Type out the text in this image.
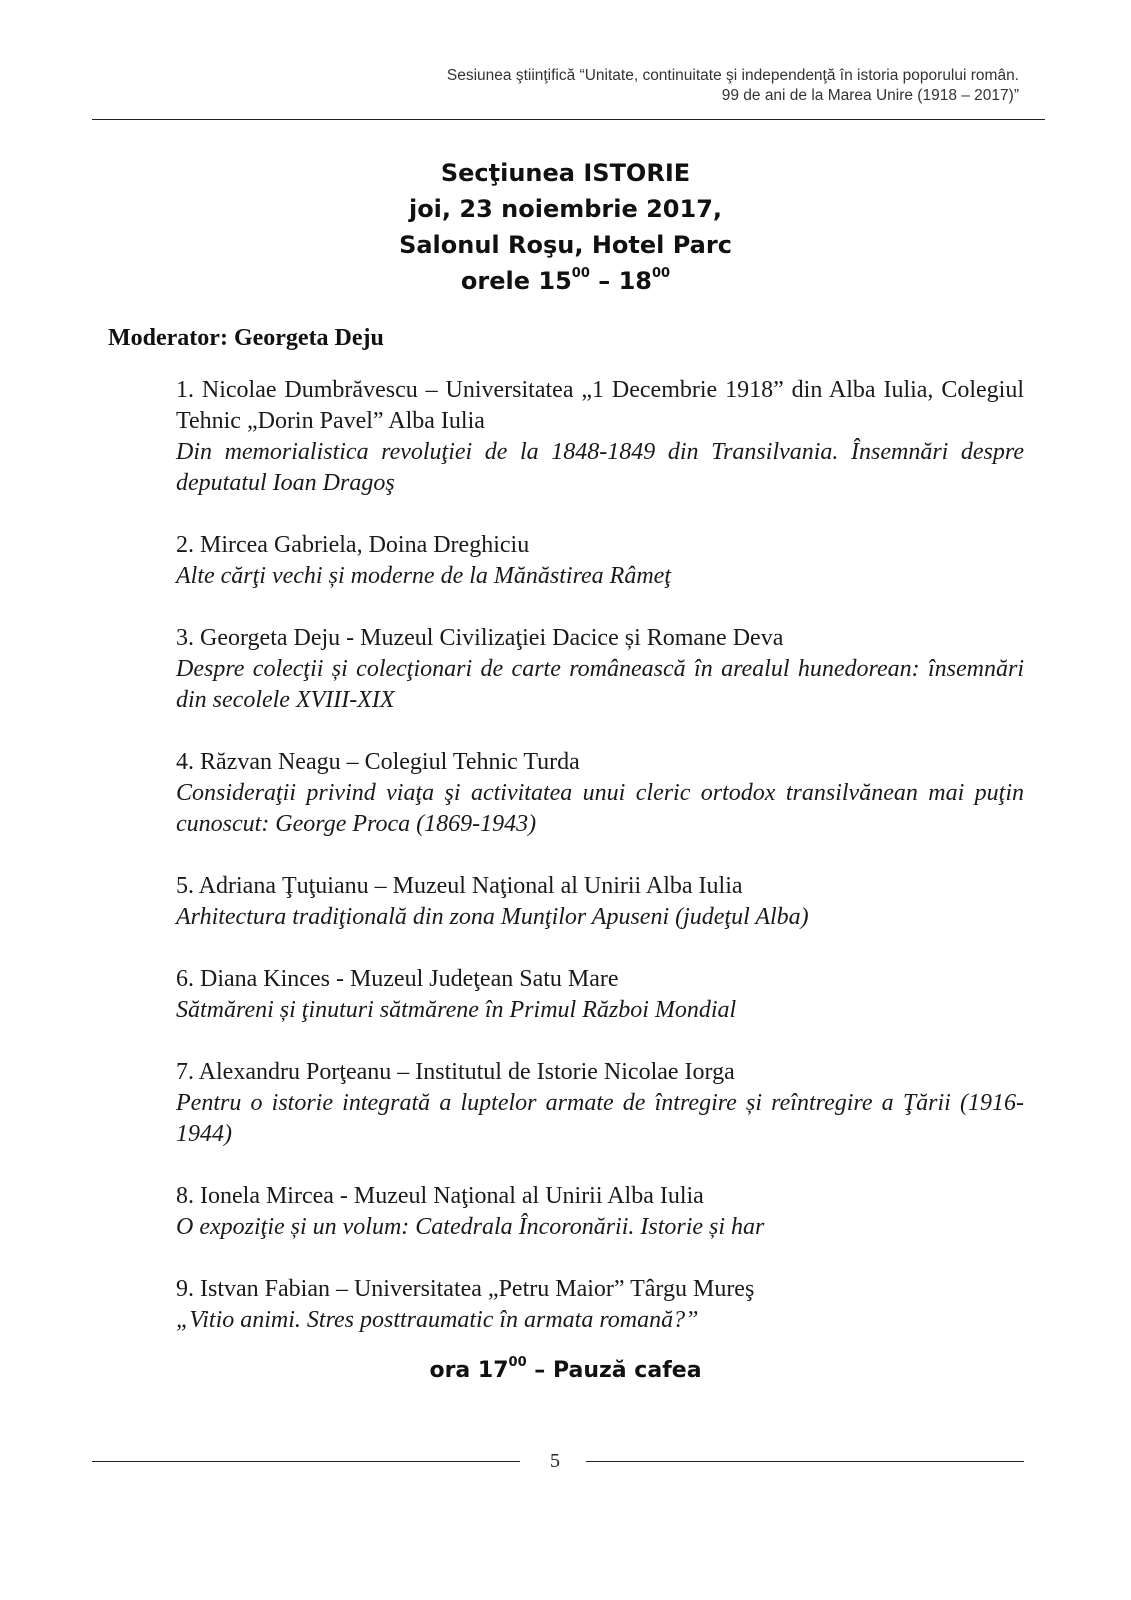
Sesiunea ştiinţifică “Unitate, continuitate şi independenţă în istoria poporului român.
99 de ani de la Marea Unire (1918 – 2017)”
Secţiunea ISTORIE
joi, 23 noiembrie 2017,
Salonul Roşu, Hotel Parc
orele $15^{00} - 18^{00}$
Moderator: Georgeta Deju
1. Nicolae Dumbrăvescu – Universitatea „1 Decembrie 1918” din Alba Iulia, Colegiul Tehnic „Dorin Pavel” Alba Iulia
Din memorialistica revoluţiei de la 1848-1849 din Transilvania. Însemnări despre deputatul Ioan Dragoş
2. Mircea Gabriela, Doina Dreghiciu
Alte cărţi vechi și moderne de la Mănăstirea Râmeţ
3. Georgeta Deju - Muzeul Civilizaţiei Dacice și Romane Deva
Despre colecţii și colecţionari de carte românească în arealul hunedorean: însemnări din secolele XVIII-XIX
4. Răzvan Neagu – Colegiul Tehnic Turda
Consideraţii privind viaţa şi activitatea unui cleric ortodox transilvănean mai puţin cunoscut: George Proca (1869-1943)
5. Adriana Ţuţuianu – Muzeul Naţional al Unirii Alba Iulia
Arhitectura tradiţională din zona Munţilor Apuseni (judeţul Alba)
6. Diana Kinces - Muzeul Judeţean Satu Mare
Sătmăreni și ţinuturi sătmărene în Primul Război Mondial
7. Alexandru Porţeanu – Institutul de Istorie Nicolae Iorga
Pentru o istorie integrată a luptelor armate de întregire și reîntregire a Ţării (1916-1944)
8. Ionela Mircea - Muzeul Naţional al Unirii Alba Iulia
O expoziţie și un volum: Catedrala Încoronării. Istorie și har
9. Istvan Fabian – Universitatea „Petru Maior” Târgu Mureş
„Vitio animi. Stres posttraumatic în armata romană?”
ora $17^{00}$ – Pauză cafea
5
